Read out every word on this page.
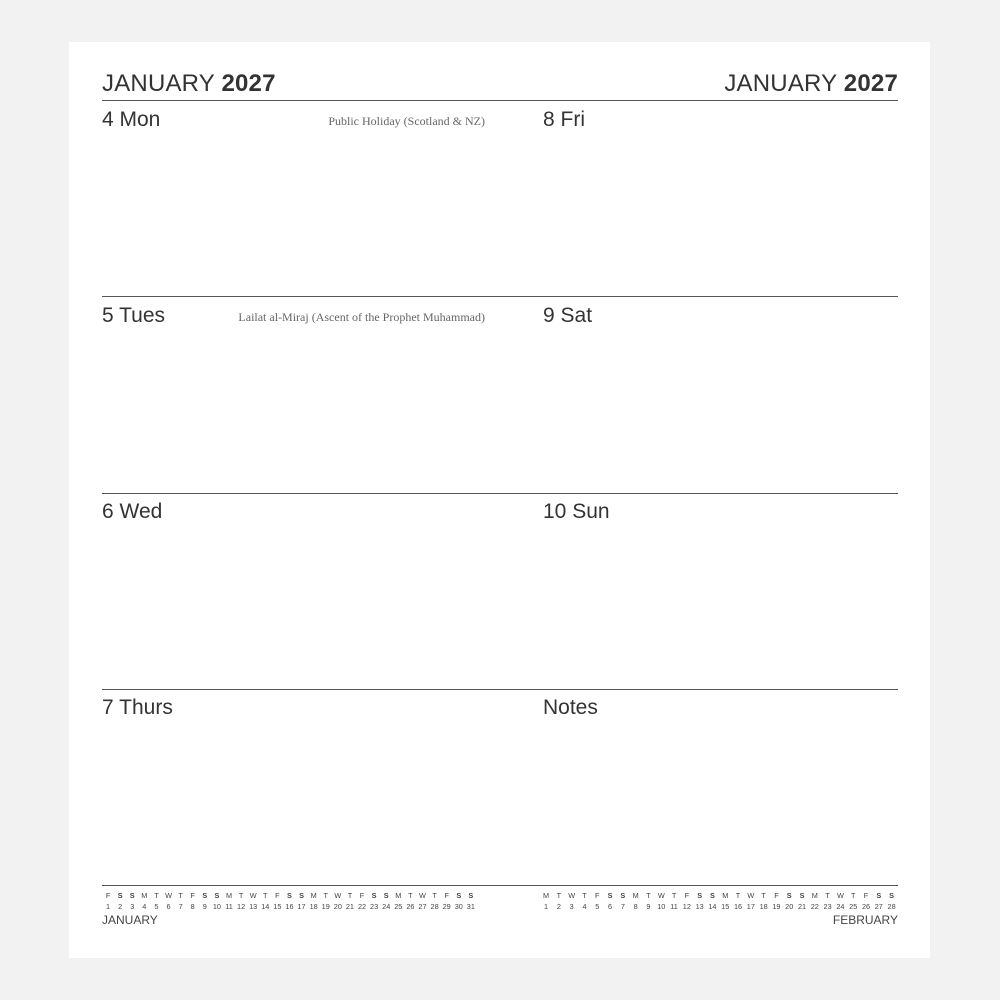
JANUARY 2027	JANUARY 2027
4 Mon	Public Holiday (Scotland & NZ)
5 Tues	Lailat al-Miraj (Ascent of the Prophet Muhammad)
6 Wed
7 Thurs
8 Fri
9 Sat
10 Sun
Notes
F	S S M T W T	F	S S M T W T	F	S S M T W T	F	S S M T W T	F	S S
1	2	3	4	5	6	7	8	9 10 11 12 13 14 15 16 17 18 19 20 21 22 23 24 25 26 27 28 29 30 31
JANUARY
M	T W T	F	S	S	M	T W T	F	S	S	M	T W T	F	S	S	M	T W T	F	S	S
1	2	3	4	5	6	7	8	9 10 11 12 13 14 15 16 17 18 19 20 21 22 23 24 25 26 27 28
FEBRUARY
